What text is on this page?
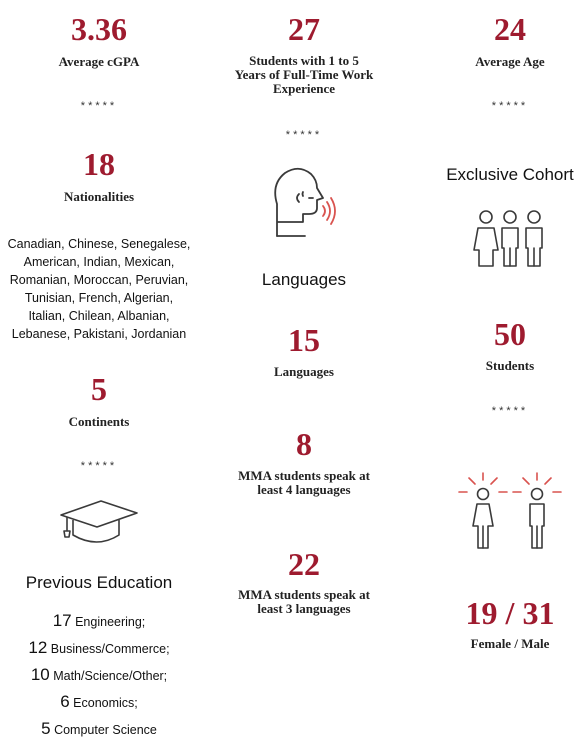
3.36
Average cGPA
*****
18
Nationalities
Canadian, Chinese, Senegalese,
American, Indian, Mexican,
Romanian, Moroccan, Peruvian,
Tunisian, French, Algerian,
Italian, Chilean, Albanian,
Lebanese, Pakistani, Jordanian
5
Continents
*****
Previous Education
17 Engineering;
12 Business/Commerce;
10 Math/Science/Other;
6 Economics;
5 Computer Science
27
Students with 1 to 5
Years of Full-Time Work
Experience
*****
Languages
15
Languages
8
MMA students speak at
least 4 languages
22
MMA students speak at
least 3 languages
24
Average Age
*****
Exclusive Cohort
50
Students
*****
19 / 31
Female / Male
